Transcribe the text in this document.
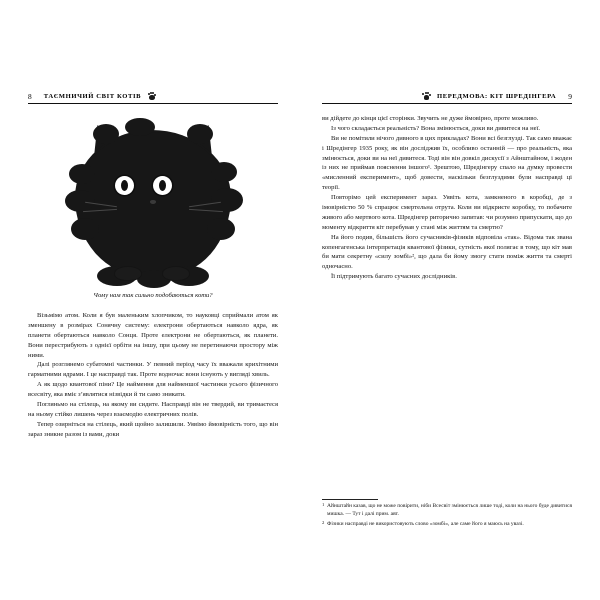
8 ТАЄМНИЧИЙ СВІТ КОТІВ
Чому нам так сильно подобаються коти?

Візьмімо атом. Коли я був маленьким хлопчиком, то науковці сприймали атом як зменшену в розмірах Сонячну систему: електрони обертаються навколо ядра, як планети обертаються навколо Сонця. Проте електрони не обертаються, як планети. Вони перестрибують з однієї орбіти на іншу, при цьому не перетинаючи простору між ними.

Далі розглянемо субатомні частинки. У певний період часу їх вважали крихітними гарматними ядрами. І це насправді так. Проте водночас вони існують у вигляді хвиль.

А як щодо квантової піни? Це наймення для найменшої частинки усього фізичного всесвіту, яка вміє з’являтися нізвідки й ти само зникати.

Погляньмо на стілець, на якому ви сидите. Насправді він не твердий, ви тримаєтеся на ньому стійко лишень через взаємодію електричних полів.

Тепер озирніться на стілець, який щойно залишили. Уявімо ймовірність того, що він зараз зникне разом із вами, доки

ПЕРЕДМОВА: КІТ ШРЕДІНГЕРА 9

ви дійдете до кінця цієї сторінки. Звучить не дуже ймовірно, проте можливо.

Із чого складається реальність? Вона змінюється, доки ви дивитеся на неї.

Ви не помітили нічого дивного в цих прикладах? Вони всі безглузді. Так само вважає і Шредінгер 1935 року, як він досліджив їх, особливо останній — про реальність, яка змінюється, доки ви на неї дивитеся. Тоді він він довкіл дискусії з Айнштайном, і жоден із них не приймав пояснення іншого¹. Зрештою, Шредінгеру спало на думку провести «мисленний експеримент», щоб довести, наскільки безглуздими були насправді ці теорії.

Повторімо цей експеримент зараз. Уявіть кота, замкненого в коробці, де з імовірністю 50 % спрацює смертельна отрута. Коли ви відкриєте коробку, то побачите живого або мертвого кота. Шредінгер риторично запитав: чи розумно припускати, що до моменту відкриття кіт перебував у стані між життям та смертю?

На його подив, більшість його сучасників-фізиків відповіла «так». Відома так звана копенгагенська інтерпретація квантової фізики, сутність якої полягає в тому, що кіт мав би мати секретну «силу зомбі»², що дала би йому змогу стати поміж життя та смерті одночасно.

Її підтримують багато сучасних дослідників.

1 Айнштайн казав, що не може повірити, ніби Всесвіт змінюється лише тоді, коли на нього буде дивитися мишка. — Тут і далі прим. авт.

2 Фізики насправді не використовують слово «зомбі», але саме його я маюсь на увазі.
